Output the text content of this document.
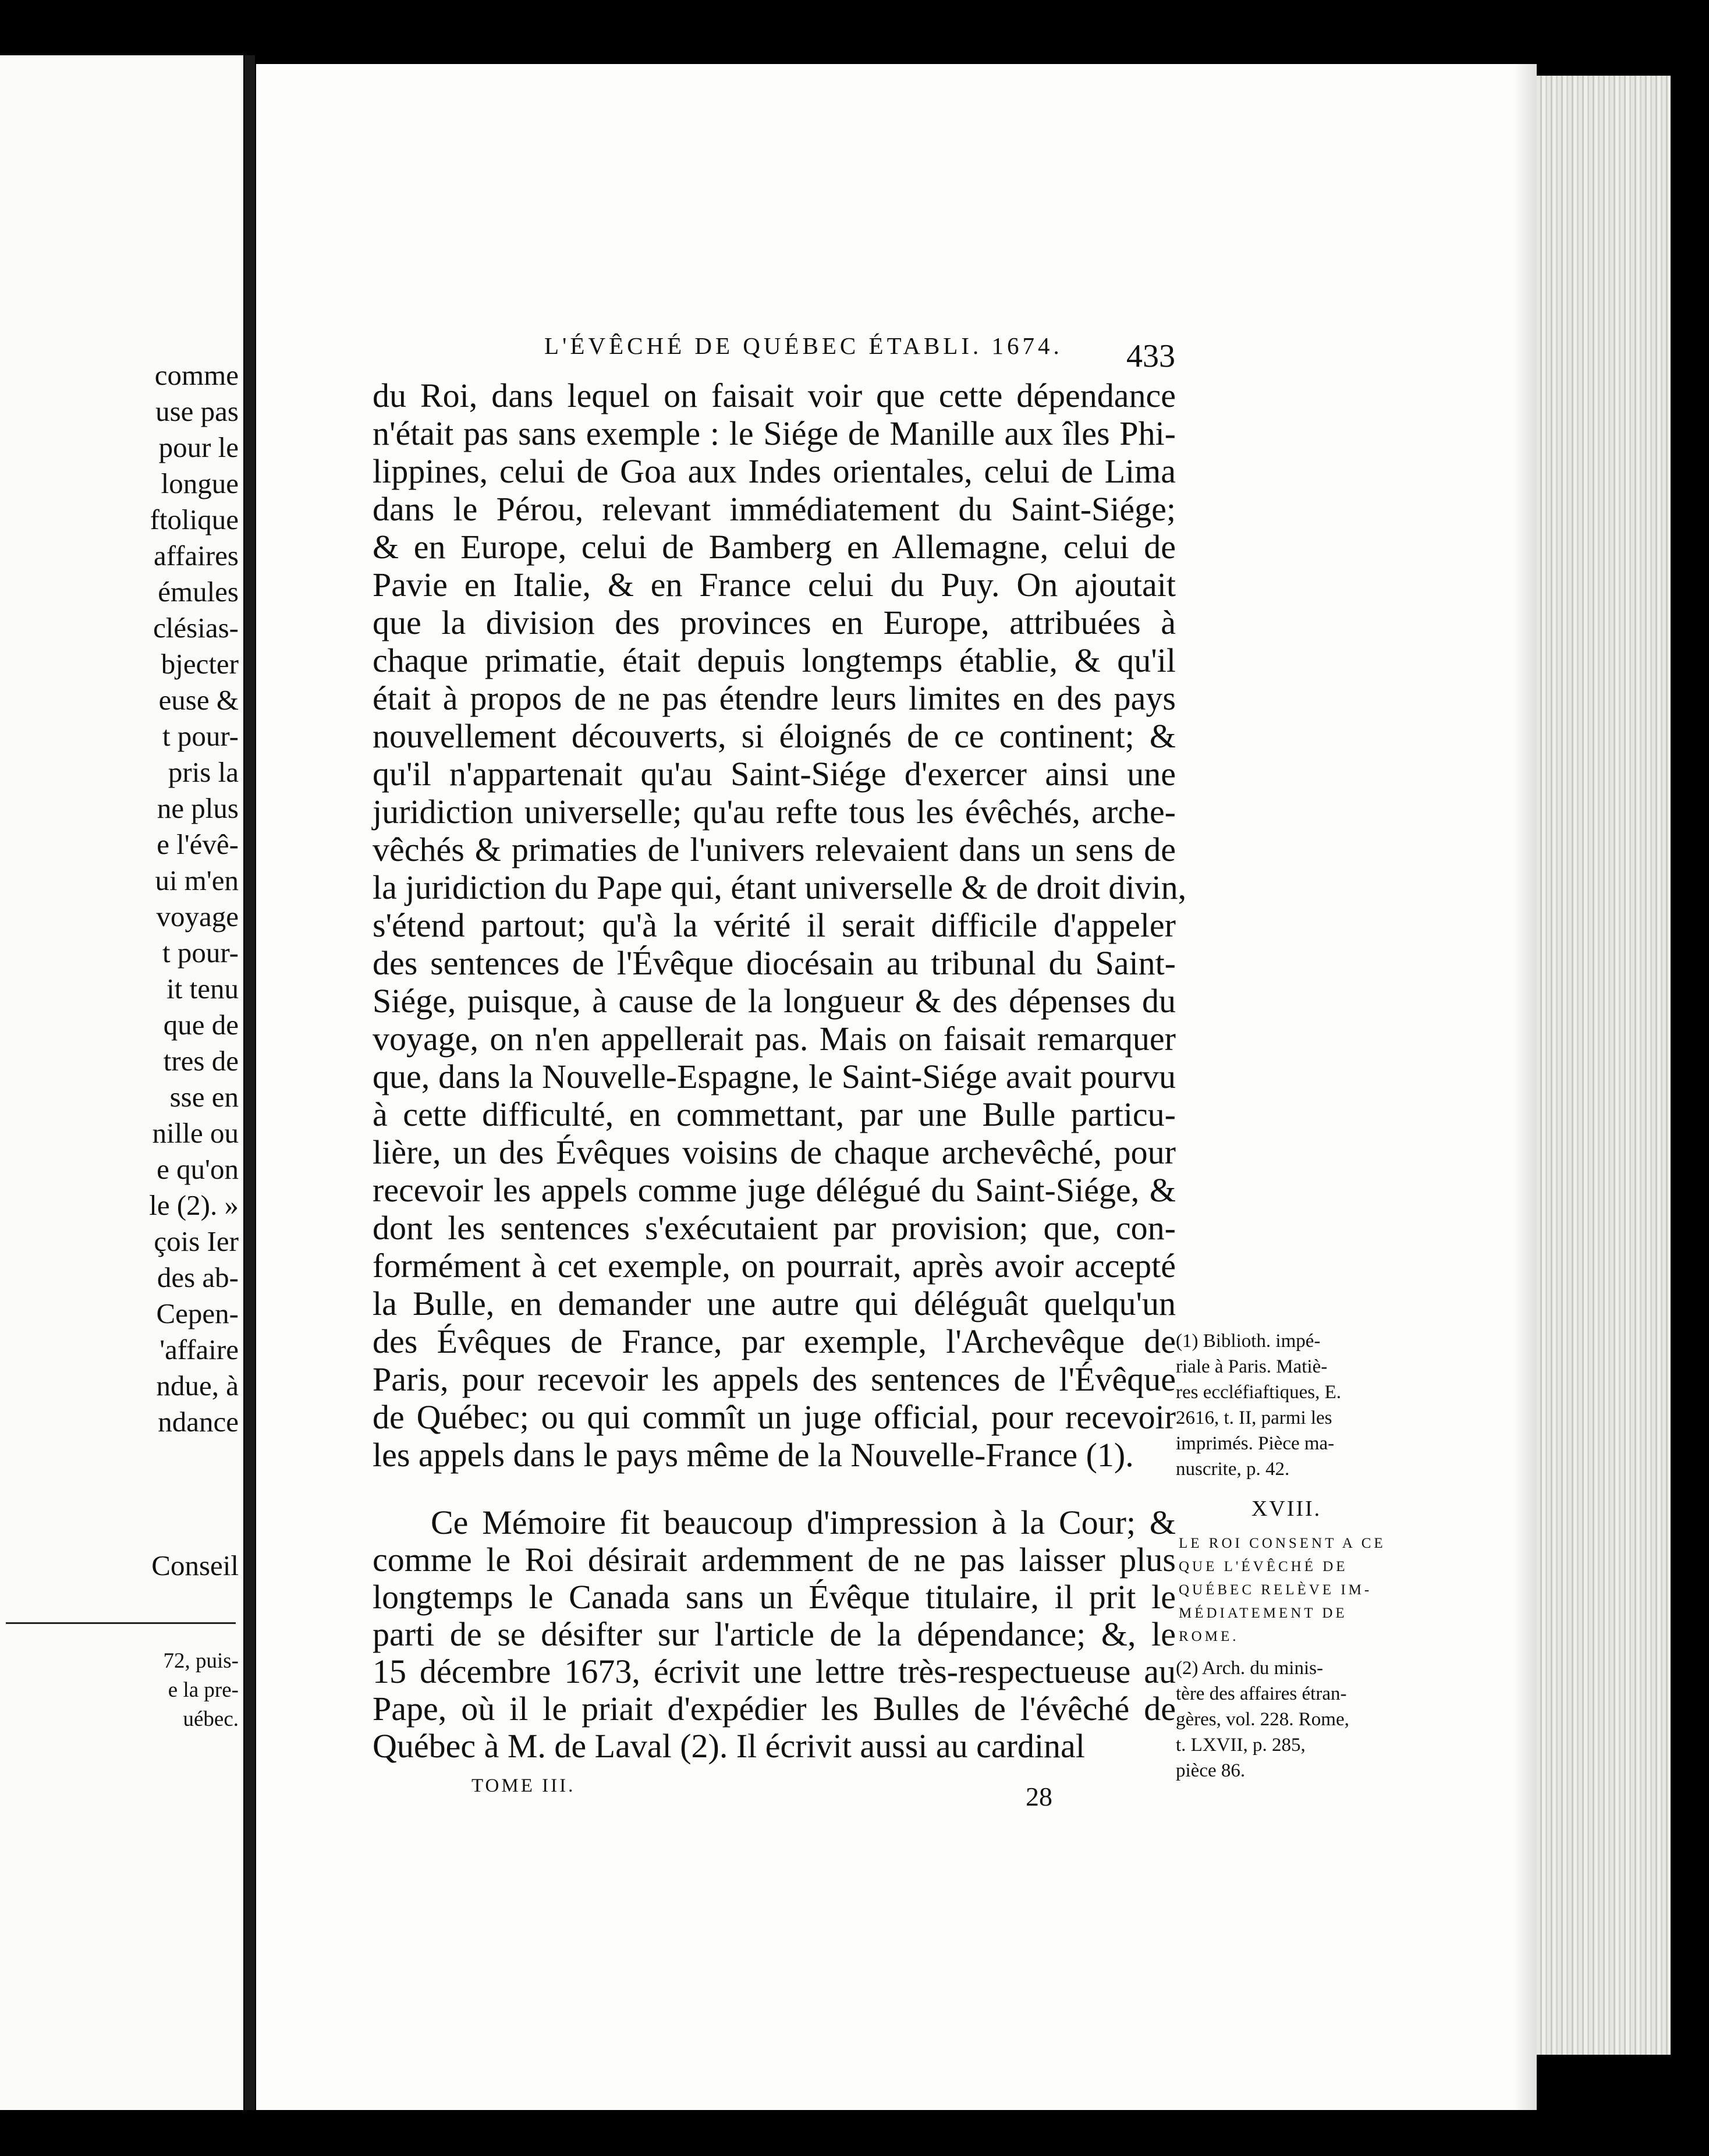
comme
use pas
pour le
longue
ftolique
affaires
émules
clésias-
bjecter
euse &
t pour-
pris la
ne plus
e l'évê-
ui m'en
voyage
t pour-
it tenu
que de
tres de
sse en
nille ou
e qu'on
le (2). »
çois Ier
des ab-
Cepen-
'affaire
ndue, à
ndance
Conseil
72, puis-
e la pre-
uébec.
L'ÉVÊCHÉ DE QUÉBEC ÉTABLI. 1674. 433
du Roi, dans lequel on faisait voir que cette dépendance
n'était pas sans exemple : le Siége de Manille aux îles Phi-
lippines, celui de Goa aux Indes orientales, celui de Lima
dans le Pérou, relevant immédiatement du Saint-Siége;
& en Europe, celui de Bamberg en Allemagne, celui de
Pavie en Italie, & en France celui du Puy. On ajoutait
que la division des provinces en Europe, attribuées à
chaque primatie, était depuis longtemps établie, & qu'il
était à propos de ne pas étendre leurs limites en des pays
nouvellement découverts, si éloignés de ce continent; &
qu'il n'appartenait qu'au Saint-Siége d'exercer ainsi une
juridiction universelle; qu'au refte tous les évêchés, arche-
vêchés & primaties de l'univers relevaient dans un sens de
la juridiction du Pape qui, étant universelle & de droit divin,
s'étend partout; qu'à la vérité il serait difficile d'appeler
des sentences de l'Évêque diocésain au tribunal du Saint-
Siége, puisque, à cause de la longueur & des dépenses du
voyage, on n'en appellerait pas. Mais on faisait remarquer
que, dans la Nouvelle-Espagne, le Saint-Siége avait pourvu
à cette difficulté, en commettant, par une Bulle particu-
lière, un des Évêques voisins de chaque archevêché, pour
recevoir les appels comme juge délégué du Saint-Siége, &
dont les sentences s'exécutaient par provision; que, con-
formément à cet exemple, on pourrait, après avoir accepté
la Bulle, en demander une autre qui déléguât quelqu'un
des Évêques de France, par exemple, l'Archevêque de
Paris, pour recevoir les appels des sentences de l'Évêque
de Québec; ou qui commît un juge official, pour recevoir
les appels dans le pays même de la Nouvelle-France (1).
Ce Mémoire fit beaucoup d'impression à la Cour; &
comme le Roi désirait ardemment de ne pas laisser plus
longtemps le Canada sans un Évêque titulaire, il prit le
parti de se désifter sur l'article de la dépendance; &, le
15 décembre 1673, écrivit une lettre très-respectueuse au
Pape, où il le priait d'expédier les Bulles de l'évêché de
Québec à M. de Laval (2). Il écrivit aussi au cardinal
(1) Biblioth. impé-
riale à Paris. Matiè-
res eccléfiaftiques, E.
2616, t. II, parmi les
imprimés. Pièce ma-
nuscrite, p. 42.
LE ROI CONSENT A CE
QUE L'ÉVÊCHÉ DE
QUÉBEC RELÈVE IM-
MÉDIATEMENT DE
ROME.
(2) Arch. du minis-
tère des affaires étran-
gères, vol. 228. Rome,
t. LXVII, p. 285,
pièce 86.
XVIII.
TOME III.	28
